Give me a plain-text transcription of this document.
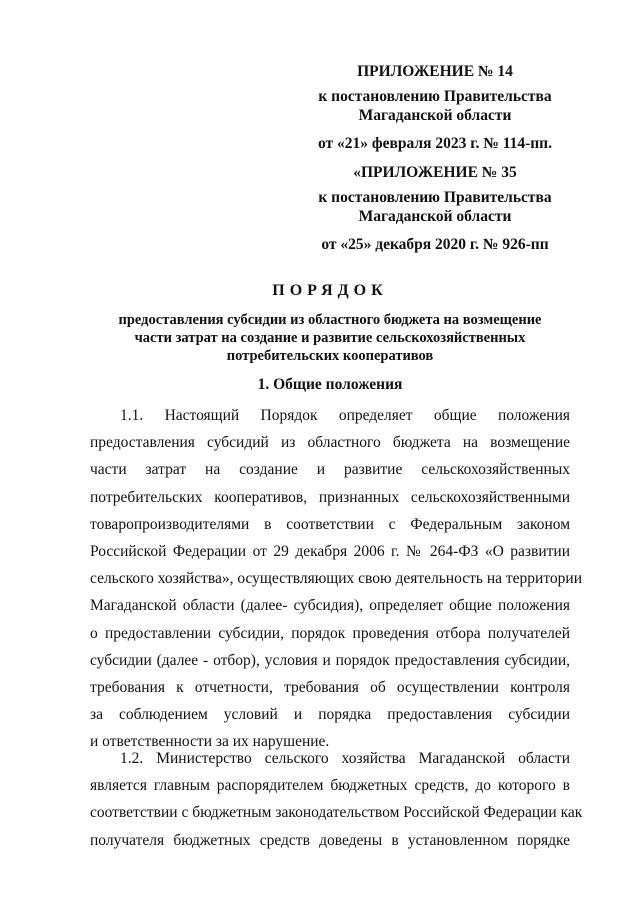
ПРИЛОЖЕНИЕ № 14
к постановлению Правительства
Магаданской области
от «21» февраля 2023 г. № 114-пп.
«ПРИЛОЖЕНИЕ № 35
к постановлению Правительства
Магаданской области
от «25» декабря 2020 г. № 926-пп
ПОРЯДОК
предоставления субсидии из областного бюджета на возмещение
части затрат на создание и развитие сельскохозяйственных
потребительских кооперативов
1. Общие положения
1.1. Настоящий Порядок определяет общие положения
предоставления субсидий из областного бюджета на возмещение
части затрат на создание и развитие сельскохозяйственных
потребительских кооперативов, признанных сельскохозяйственными
товаропроизводителями в соответствии с Федеральным законом
Российской Федерации от 29 декабря 2006 г. № 264-ФЗ «О развитии
сельского хозяйства», осуществляющих свою деятельность на территории
Магаданской области (далее- субсидия), определяет общие положения
о предоставлении субсидии, порядок проведения отбора получателей
субсидии (далее - отбор), условия и порядок предоставления субсидии,
требования к отчетности, требования об осуществлении контроля
за соблюдением условий и порядка предоставления субсидии
и ответственности за их нарушение.
1.2. Министерство сельского хозяйства Магаданской области
является главным распорядителем бюджетных средств, до которого в
соответствии с бюджетным законодательством Российской Федерации как
получателя бюджетных средств доведены в установленном порядке
